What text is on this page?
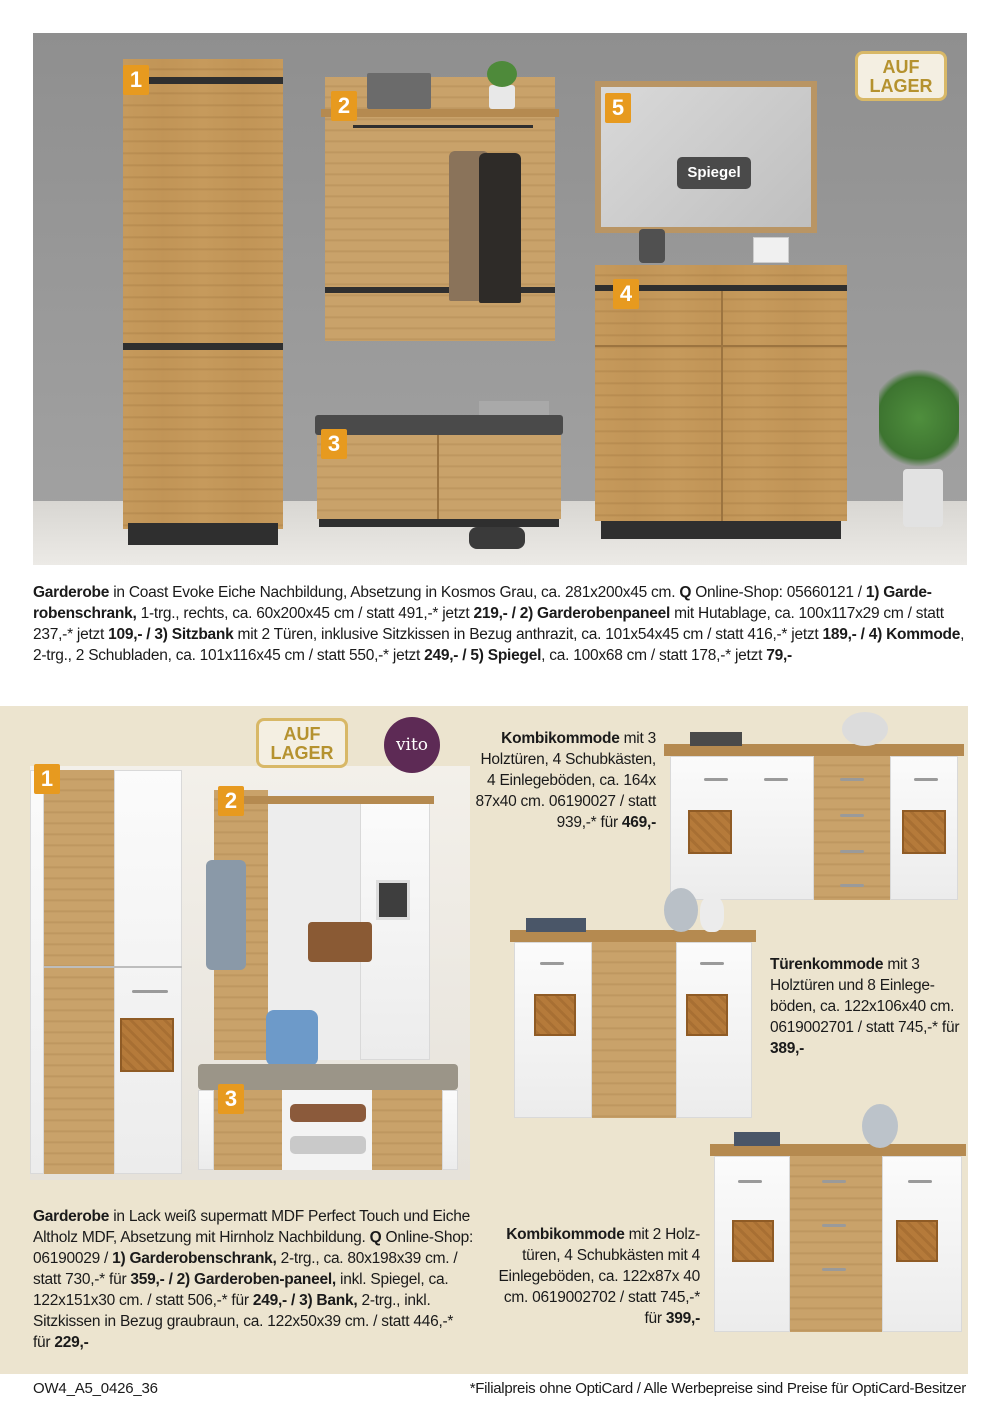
Spiegel
1
2
3
4
5
AUF
LAGER
Garderobe in Coast Evoke Eiche Nachbildung, Absetzung in Kosmos Grau, ca. 281x200x45 cm. Q Online-Shop: 05660121 / 1) Garde-robenschrank, 1-trg., rechts, ca. 60x200x45 cm / statt 491,-* jetzt 219,- / 2) Garderobenpaneel mit Hutablage, ca. 100x117x29 cm / statt 237,-* jetzt 109,- / 3) Sitzbank mit 2 Türen, inklusive Sitzkissen in Bezug anthrazit, ca. 101x54x45 cm / statt 416,-* jetzt 189,- / 4) Kommode, 2-trg., 2 Schubladen, ca. 101x116x45 cm / statt 550,-* jetzt 249,- / 5) Spiegel, ca. 100x68 cm / statt 178,-* jetzt 79,-
1
2
3
AUF
LAGER	vito	Kombikommode mit 3 Holztüren, 4 Schubkästen, 4 Einlegeböden, ca. 164x 87x40 cm. 06190027 / statt 939,-* für 469,-
Türenkommode mit 3 Holztüren und 8 Einlege-böden, ca. 122x106x40 cm. 0619002701 / statt 745,-* für 389,-
Kombikommode mit 2 Holz-türen, 4 Schubkästen mit 4 Einlegeböden, ca. 122x87x 40 cm. 0619002702 / statt 745,-* für 399,-
Garderobe in Lack weiß supermatt MDF Perfect Touch und Eiche Altholz MDF, Absetzung mit Hirnholz Nachbildung. Q Online-Shop: 06190029 / 1) Garderobenschrank, 2-trg., ca. 80x198x39 cm. / statt 730,-* für 359,- / 2) Garderoben-paneel, inkl. Spiegel, ca. 122x151x30 cm. / statt 506,-* für 249,- / 3) Bank, 2-trg., inkl. Sitzkissen in Bezug graubraun, ca. 122x50x39 cm. / statt 446,-* für 229,-
OW4_A5_0426_36	*Filialpreis ohne OptiCard / Alle Werbepreise sind Preise für OptiCard-Besitzer
